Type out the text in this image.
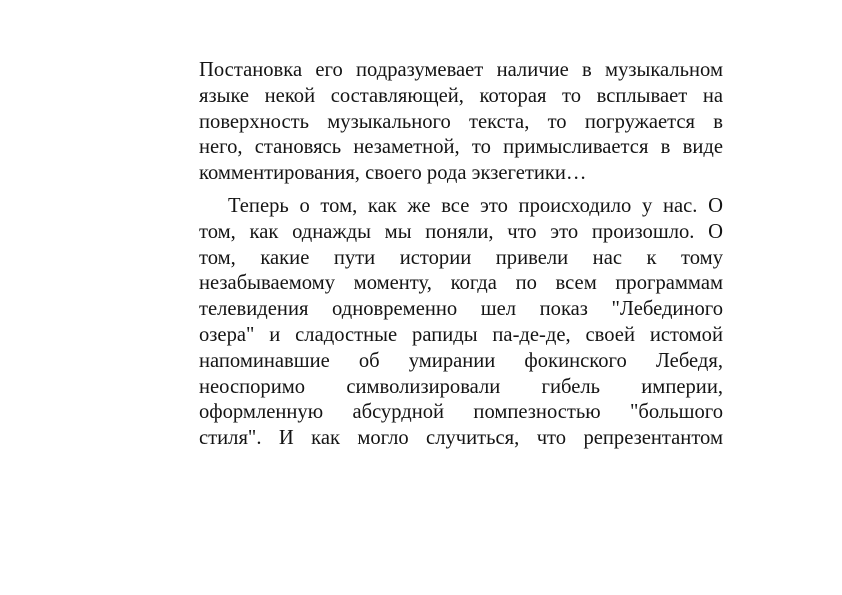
Постановка его подразумевает наличие в музыкальном
языке некой составляющей, которая то всплывает на
поверхность музыкального текста, то погружается в
него, становясь незаметной, то примысливается в виде
комментирования, своего рода экзегетики…
Теперь о том, как же все это происходило у нас. О
том, как однажды мы поняли, что это произошло. О
том, какие пути истории привели нас к тому
незабываемому моменту, когда по всем программам
телевидения одновременно шел показ "Лебединого
озера" и сладостные рапиды па-де-де, своей истомой
напоминавшие об умирании фокинского Лебедя,
неоспоримо символизировали гибель империи,
оформленную абсурдной помпезностью "большого
стиля". И как могло случиться, что репрезентантом
